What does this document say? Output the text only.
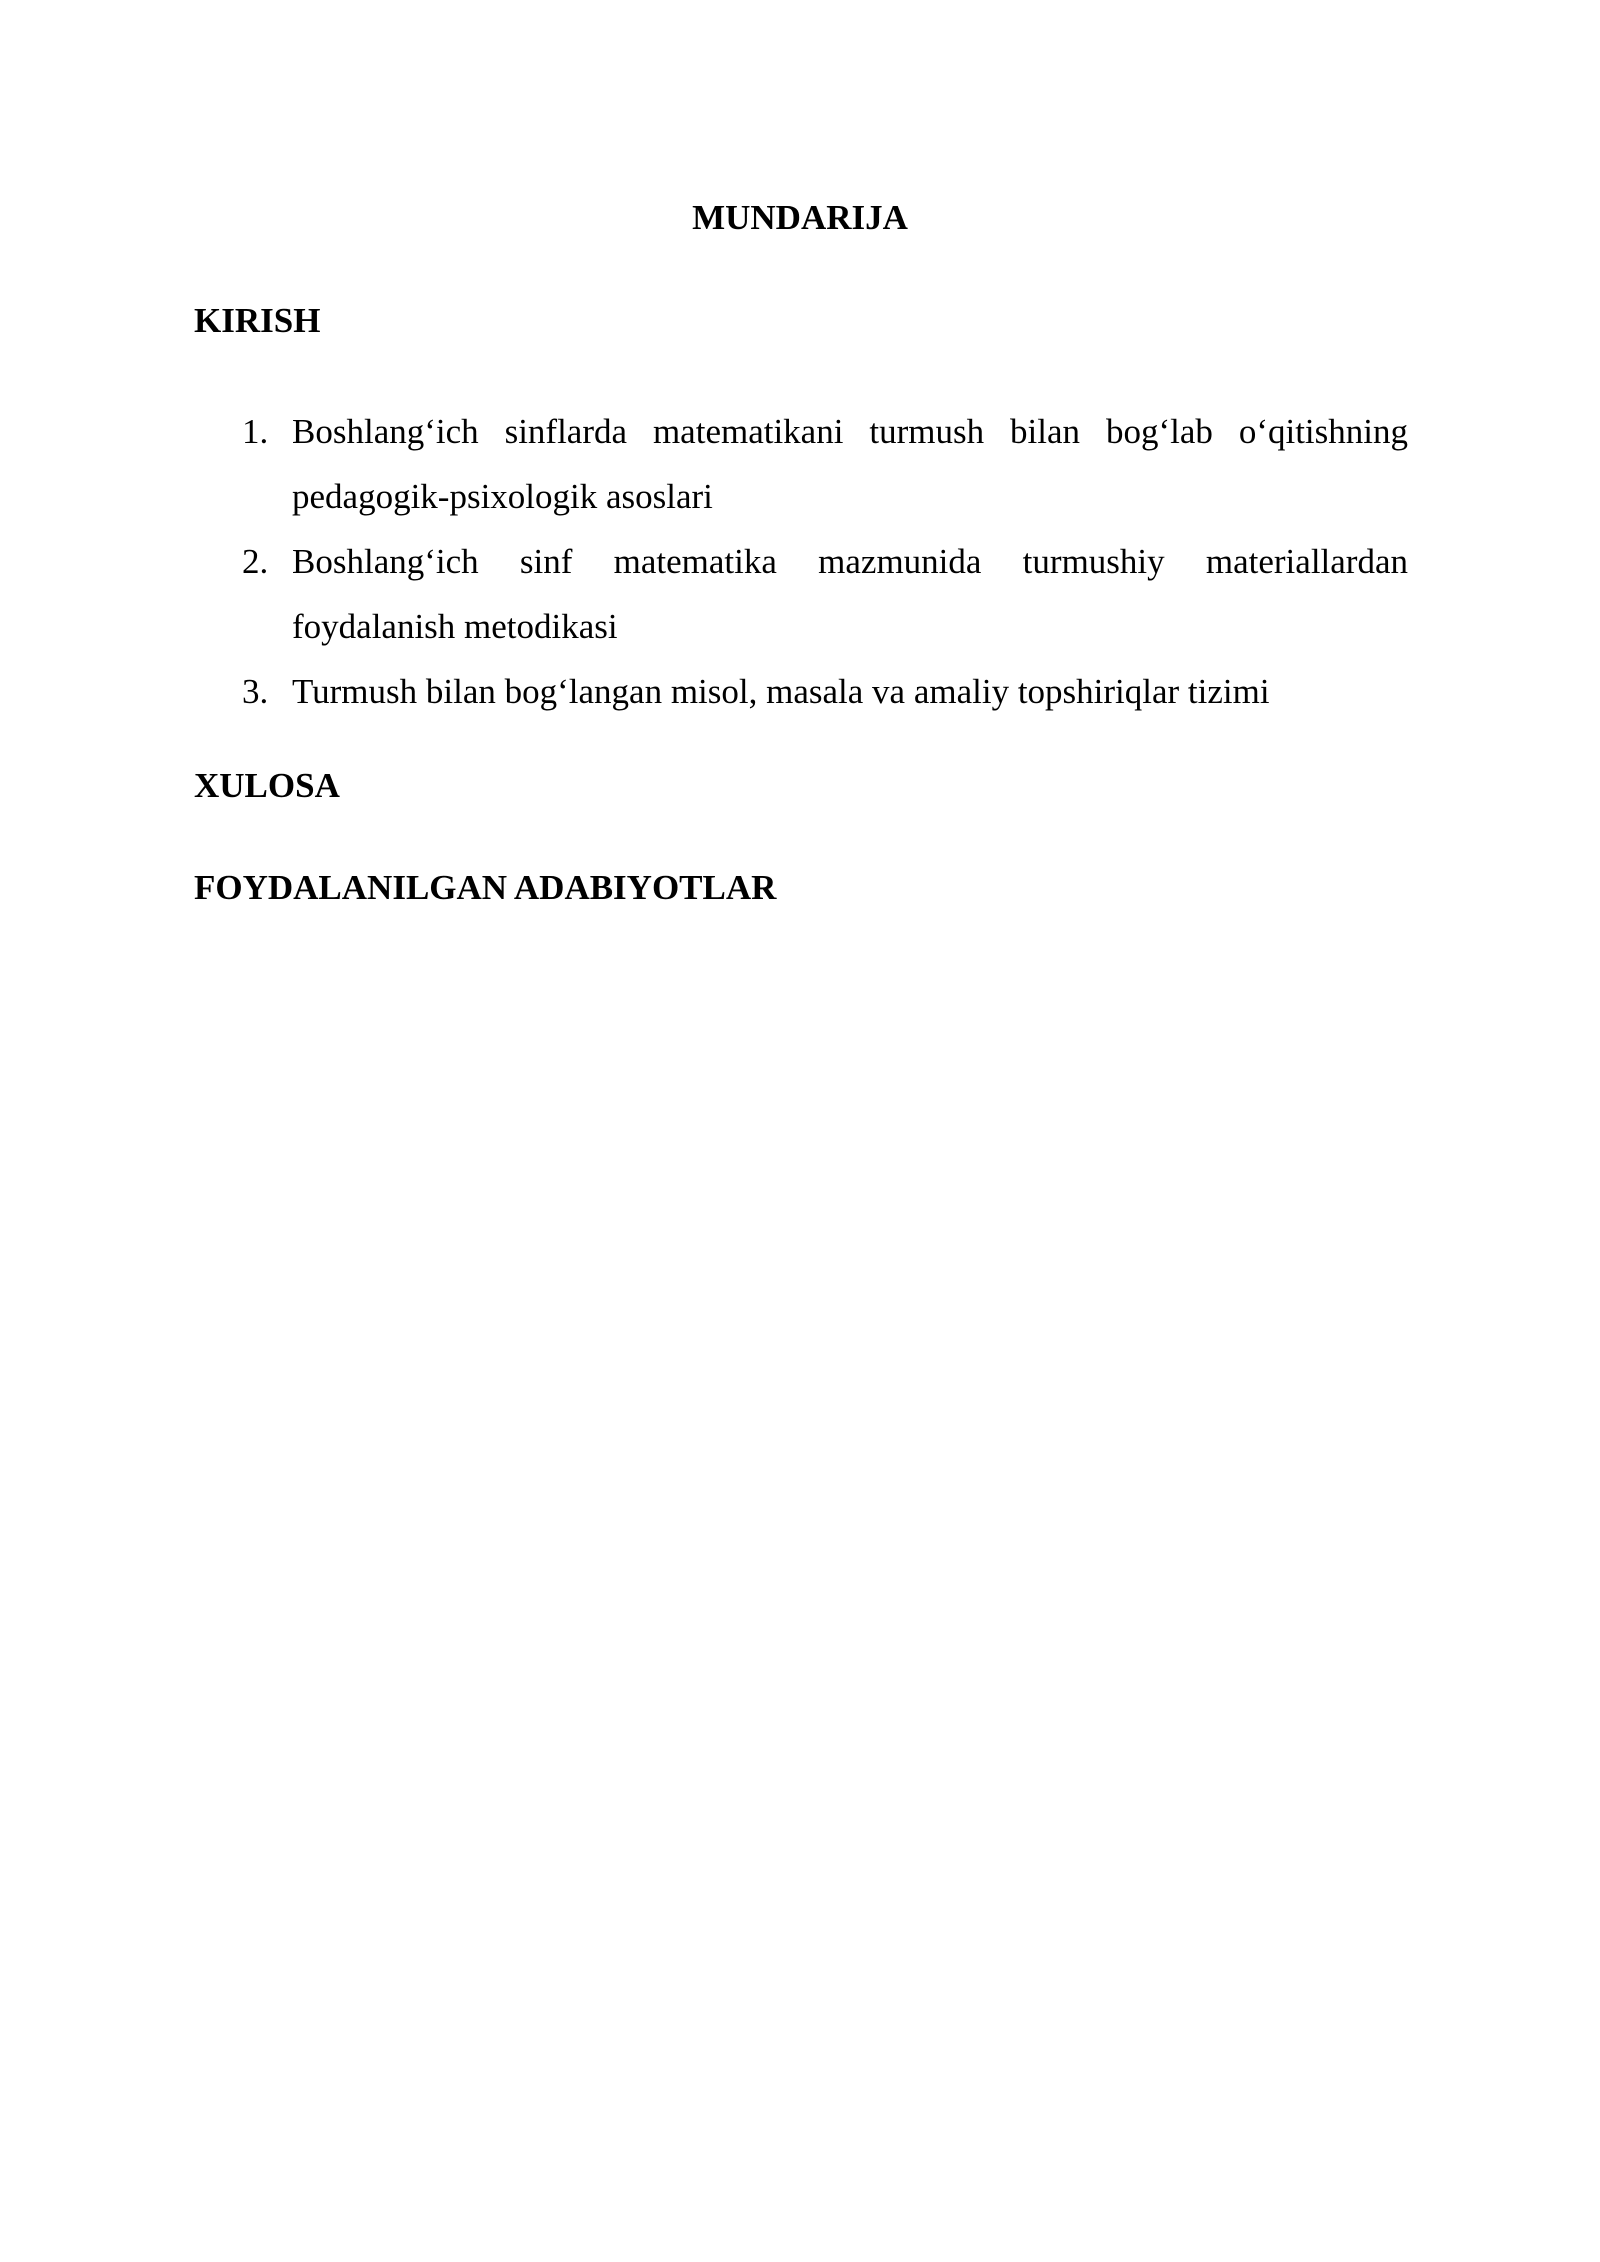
MUNDARIJA
KIRISH
1. Boshlang‘ich sinflarda matematikani turmush bilan bog‘lab o‘qitishning pedagogik-psixologik asoslari
2. Boshlang‘ich sinf matematika mazmunida turmushiy materiallardan foydalanish metodikasi
3. Turmush bilan bog‘langan misol, masala va amaliy topshiriqlar tizimi
XULOSA
FOYDALANILGAN ADABIYOTLAR
